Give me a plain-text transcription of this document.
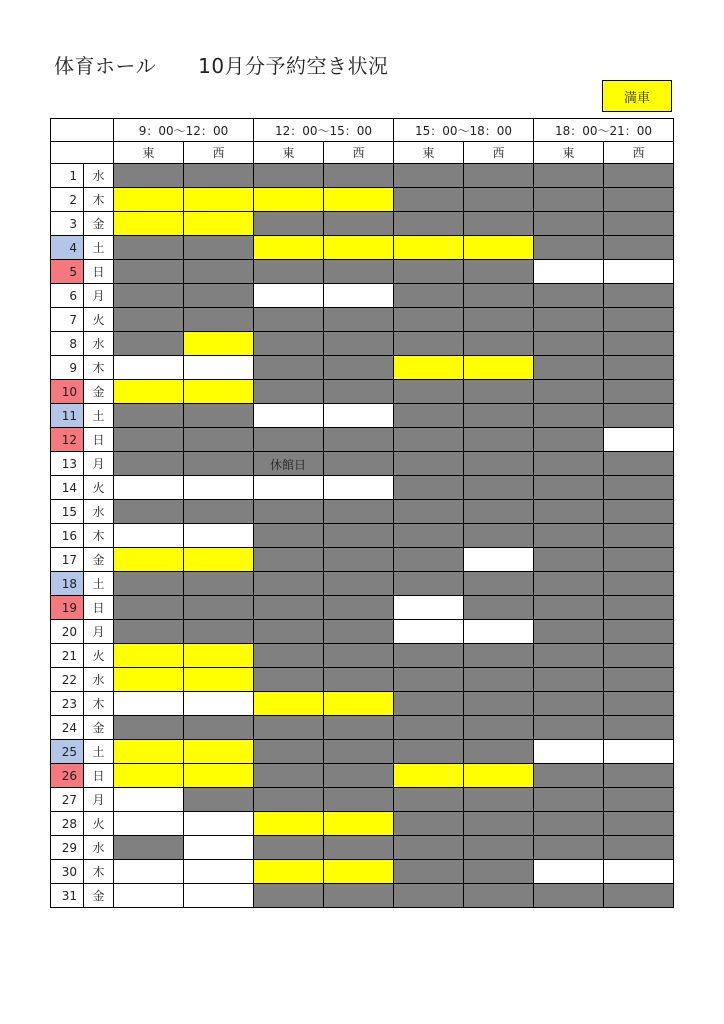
体育ホール 10月分予約空き状況
満車
		9：00〜12：00		12：00〜15：00		15：00〜18：00		18：00〜21：00	
		東	西	東	西	東	西	東	西
1	水								
2	木								
3	金								
4	土								
5	日								
6	月								
7	火								
8	水								
9	木								
10	金								
11	土								
12	日								
13	月			休館日					

14	火								
15	水								
16	木								
17	金								
18	土								
19	日								
20	月								
21	火								
22	水								
23	木								
24	金								
25	土								
26	日								
27	月								
28	火								
29	水								
30	木								
31	金								
